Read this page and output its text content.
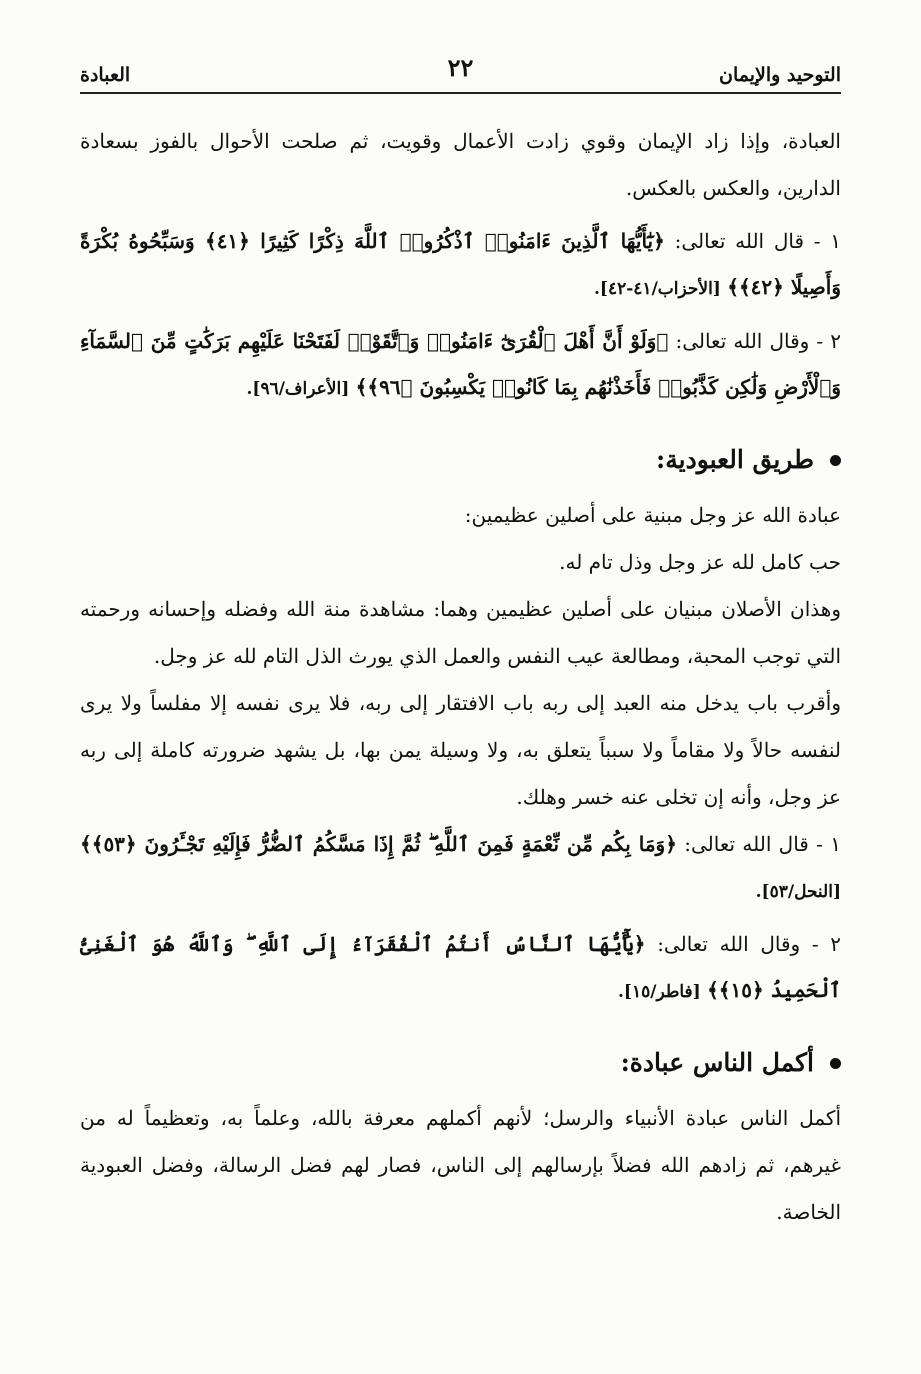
التوحيد والإيمان
٢٢
العبادة

العبادة، وإذا زاد الإيمان وقوي زادت الأعمال وقويت، ثم صلحت الأحوال بالفوز بسعادة الدارين، والعكس بالعكس.

١ - قال الله تعالى: ﴿يَٰٓأَيُّهَا ٱلَّذِينَ ءَامَنُوا۟ ٱذْكُرُوا۟ ٱللَّهَ ذِكْرًا كَثِيرًا ﴿٤١﴾ وَسَبِّحُوهُ بُكْرَةً وَأَصِيلًا ﴿٤٢﴾﴾ [الأحزاب/٤١-٤٢].

٢ - وقال الله تعالى: ﴿وَلَوْ أَنَّ أَهْلَ ٱلْقُرَىٰٓ ءَامَنُوا۟ وَٱتَّقَوْا۟ لَفَتَحْنَا عَلَيْهِم بَرَكَٰتٍ مِّنَ ٱلسَّمَآءِ وَٱلْأَرْضِ وَلَٰكِن كَذَّبُوا۟ فَأَخَذْنَٰهُم بِمَا كَانُوا۟ يَكْسِبُونَ ﴿٩٦﴾﴾ [الأعراف/٩٦].

طريق العبودية:

عبادة الله عز وجل مبنية على أصلين عظيمين:

حب كامل لله عز وجل وذل تام له.

وهذان الأصلان مبنيان على أصلين عظيمين وهما: مشاهدة منة الله وفضله وإحسانه ورحمته التي توجب المحبة، ومطالعة عيب النفس والعمل الذي يورث الذل التام لله عز وجل.

وأقرب باب يدخل منه العبد إلى ربه باب الافتقار إلى ربه، فلا يرى نفسه إلا مفلساً ولا يرى لنفسه حالاً ولا مقاماً ولا سبباً يتعلق به، ولا وسيلة يمن بها، بل يشهد ضرورته كاملة إلى ربه عز وجل، وأنه إن تخلى عنه خسر وهلك.

١ - قال الله تعالى: ﴿وَمَا بِكُم مِّن نِّعْمَةٍ فَمِنَ ٱللَّهِ ۖ ثُمَّ إِذَا مَسَّكُمُ ٱلضُّرُّ فَإِلَيْهِ تَجْـَٔرُونَ ﴿٥٣﴾﴾ [النحل/٥٣].

٢ - وقال الله تعالى: ﴿يَٰٓأَيُّهَا ٱلنَّاسُ أَنتُمُ ٱلْفُقَرَآءُ إِلَى ٱللَّهِ ۖ وَٱللَّهُ هُوَ ٱلْغَنِىُّ ٱلْحَمِيدُ ﴿١٥﴾﴾ [فاطر/١٥].

أكمل الناس عبادة:

أكمل الناس عبادة الأنبياء والرسل؛ لأنهم أكملهم معرفة بالله، وعلماً به، وتعظيماً له من غيرهم، ثم زادهم الله فضلاً بإرسالهم إلى الناس، فصار لهم فضل الرسالة، وفضل العبودية الخاصة.
